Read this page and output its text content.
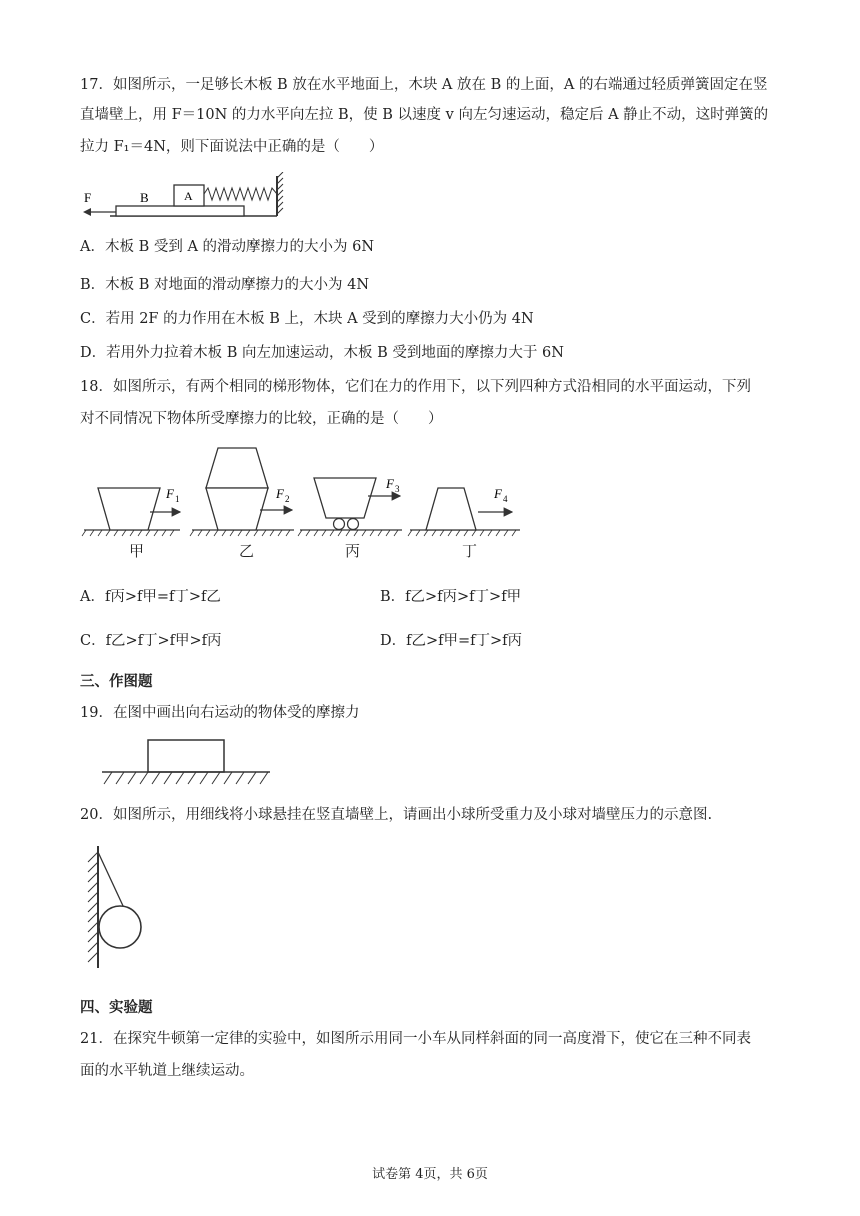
17．如图所示，一足够长木板 B 放在水平地面上，木块 A 放在 B 的上面，A 的右端通过轻质弹簧固定在竖
直墙壁上，用 F＝10N 的力水平向左拉 B，使 B 以速度 v 向左匀速运动，稳定后 A 静止不动，这时弹簧的
拉力 F₁＝4N，则下面说法中正确的是（　　）
F	B	A
A．木板 B 受到 A 的滑动摩擦力的大小为 6N
B．木板 B 对地面的滑动摩擦力的大小为 4N
C．若用 2F 的力作用在木板 B 上，木块 A 受到的摩擦力大小仍为 4N
D．若用外力拉着木板 B 向左加速运动，木板 B 受到地面的摩擦力大于 6N
18．如图所示，有两个相同的梯形物体，它们在力的作用下，以下列四种方式沿相同的水平面运动，下列
对不同情况下物体所受摩擦力的比较，正确的是（　　）
F 1	F 2
F 3	F 4
甲	乙	丙	丁
A．f丙>f甲=f丁>f乙	B．f乙>f丙>f丁>f甲
C．f乙>f丁>f甲>f丙	D．f乙>f甲=f丁>f丙
三、作图题
19．在图中画出向右运动的物体受的摩擦力
20．如图所示，用细线将小球悬挂在竖直墙壁上，请画出小球所受重力及小球对墙壁压力的示意图.
四、实验题
21．在探究牛顿第一定律的实验中，如图所示用同一小车从同样斜面的同一高度滑下，使它在三种不同表
面的水平轨道上继续运动。
试卷第 4页，共 6页
